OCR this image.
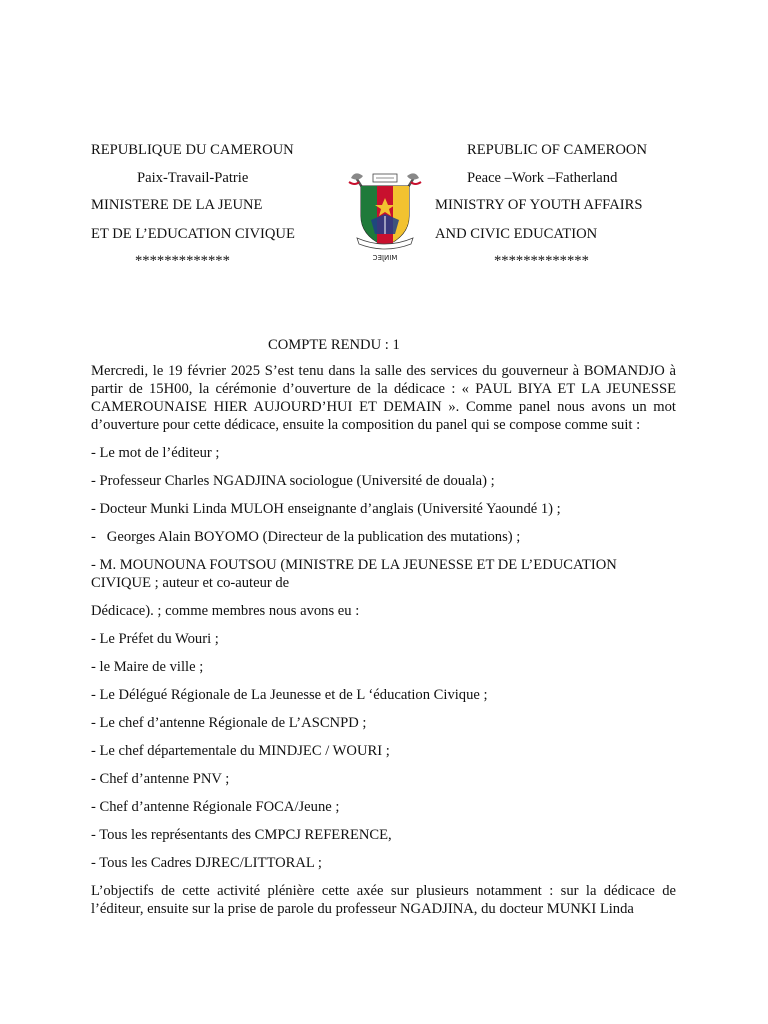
REPUBLIQUE DU CAMEROUN
Paix-Travail-Patrie
MINISTERE DE LA JEUNE
ET DE L’EDUCATION CIVIQUE
*************
REPUBLIC OF CAMEROON
Peace –Work –Fatherland
MINISTRY OF YOUTH AFFAIRS
AND CIVIC EDUCATION
*************
MINJEC
COMPTE RENDU : 1

Mercredi, le 19 février 2025 S’est tenu dans la salle des services du gouverneur à BOMANDJO à partir de 15H00, la cérémonie d’ouverture de la dédicace : « PAUL BIYA ET LA JEUNESSE CAMEROUNAISE HIER AUJOURD’HUI ET DEMAIN ». Comme panel nous avons un mot d’ouverture pour cette dédicace, ensuite la composition du panel qui se compose comme suit :

- Le mot de l’éditeur ;

- Professeur Charles NGADJINA sociologue (Université de douala) ;

- Docteur Munki Linda MULOH enseignante d’anglais (Université Yaoundé 1) ;

-   Georges Alain BOYOMO (Directeur de la publication des mutations) ;

- M. MOUNOUNA FOUTSOU (MINISTRE DE LA JEUNESSE ET DE L’EDUCATION CIVIQUE ; auteur et co-auteur de

Dédicace). ; comme membres nous avons eu :

- Le Préfet du Wouri ;

- le Maire de ville ;

- Le Délégué Régionale de La Jeunesse et de L ‘éducation Civique ;

- Le chef d’antenne Régionale de L’ASCNPD ;

- Le chef départementale du MINDJEC / WOURI ;

- Chef d’antenne PNV ;

- Chef d’antenne Régionale FOCA/Jeune ;

- Tous les représentants des CMPCJ REFERENCE,

- Tous les Cadres DJREC/LITTORAL ;

L’objectifs de cette activité plénière cette axée sur plusieurs notamment : sur la dédicace de l’éditeur, ensuite sur la prise de parole du professeur NGADJINA, du docteur MUNKI Linda
